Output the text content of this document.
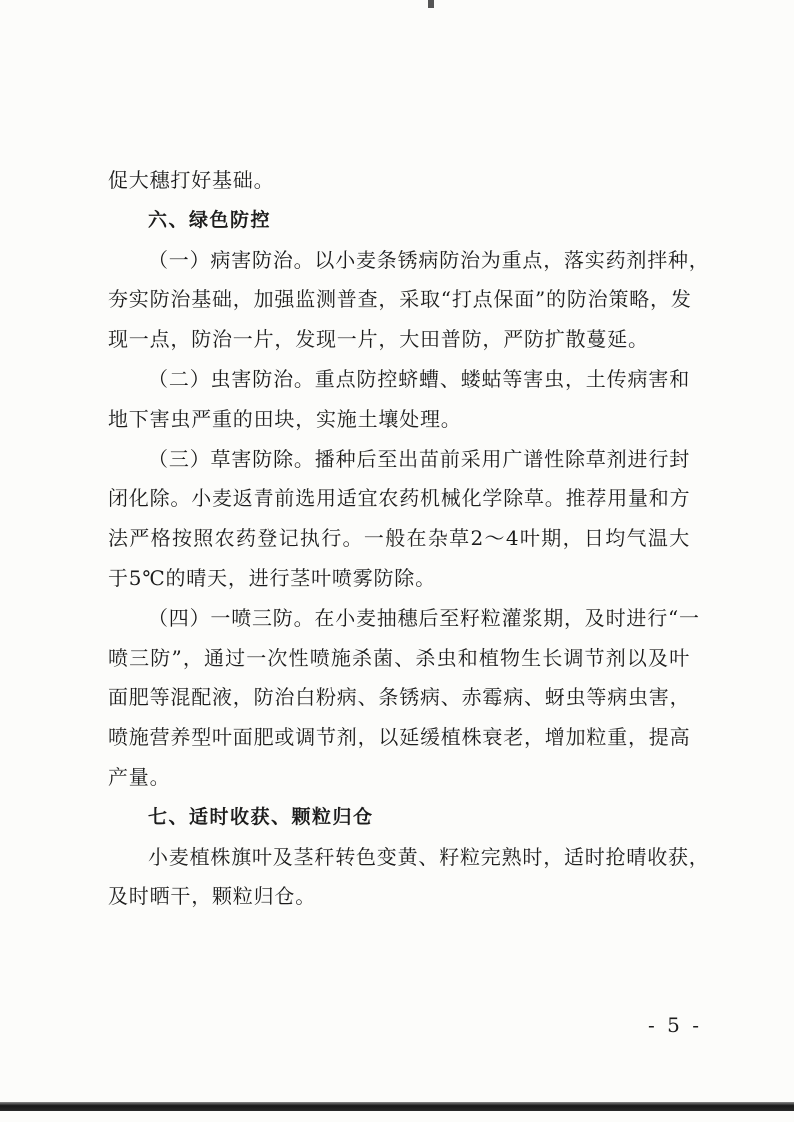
促大穗打好基础。
六、绿色防控
（一）病害防治。以小麦条锈病防治为重点，落实药剂拌种，
夯实防治基础，加强监测普查，采取“打点保面”的防治策略，发
现一点，防治一片，发现一片，大田普防，严防扩散蔓延。
（二）虫害防治。重点防控蛴螬、蝼蛄等害虫，土传病害和
地下害虫严重的田块，实施土壤处理。
（三）草害防除。播种后至出苗前采用广谱性除草剂进行封
闭化除。小麦返青前选用适宜农药机械化学除草。推荐用量和方
法严格按照农药登记执行。一般在杂草2～4叶期，日均气温大
于5℃的晴天，进行茎叶喷雾防除。
（四）一喷三防。在小麦抽穗后至籽粒灌浆期，及时进行“一
喷三防”，通过一次性喷施杀菌、杀虫和植物生长调节剂以及叶
面肥等混配液，防治白粉病、条锈病、赤霉病、蚜虫等病虫害，
喷施营养型叶面肥或调节剂，以延缓植株衰老，增加粒重，提高
产量。
七、适时收获、颗粒归仓
小麦植株旗叶及茎秆转色变黄、籽粒完熟时，适时抢晴收获，
及时晒干，颗粒归仓。
- 5 -
